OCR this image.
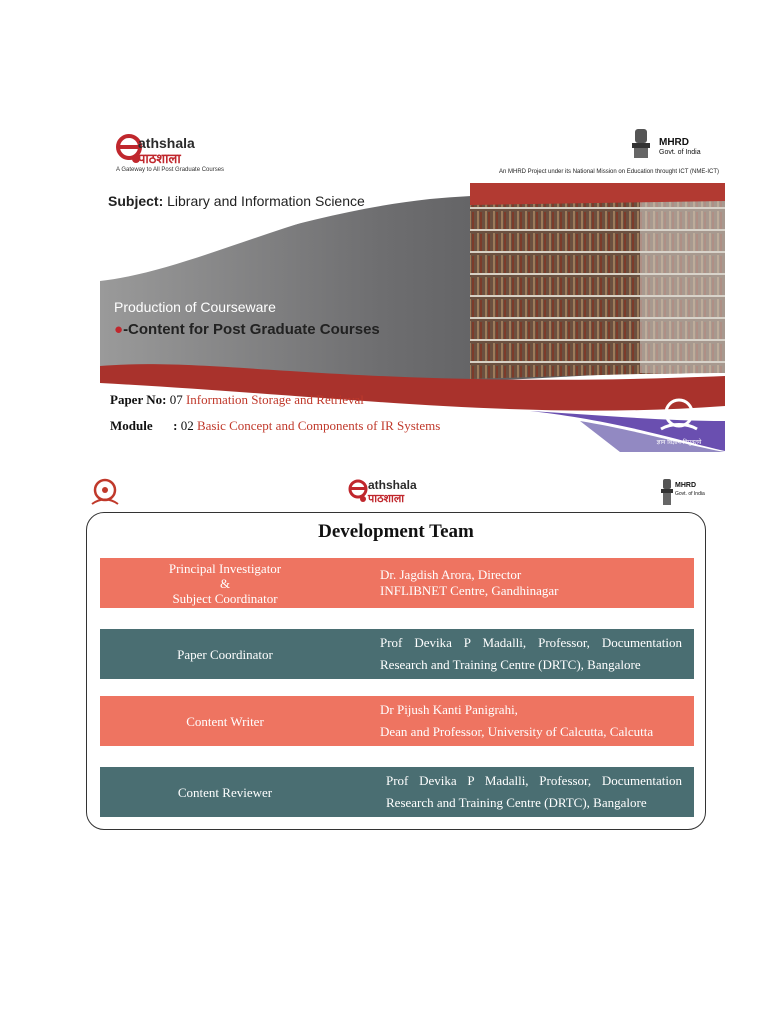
athshala
पाठशाला
A Gateway to All Post Graduate Courses
MHRD
Govt. of India
An MHRD Project under its National Mission on Education throught ICT (NME-ICT)
Subject: Library and Information Science
Production of Courseware
●-Content for Post Graduate Courses
Paper No: 07 Information Storage and Retrieval
Module : 02 Basic Concept and Components of IR Systems
ज्ञान विज्ञान विमुक्तये
athshala
पाठशाला
MHRD
Govt. of India
Development Team
Principal Investigator
&
Subject Coordinator
Dr. Jagdish Arora, Director
INFLIBNET Centre, Gandhinagar
Paper Coordinator
Prof Devika P Madalli, Professor, Documentation
Research and Training Centre (DRTC), Bangalore
Content Writer
Dr Pijush Kanti Panigrahi,
Dean and Professor, University of Calcutta, Calcutta
Content Reviewer
Prof Devika P Madalli, Professor, Documentation
Research and Training Centre (DRTC), Bangalore
